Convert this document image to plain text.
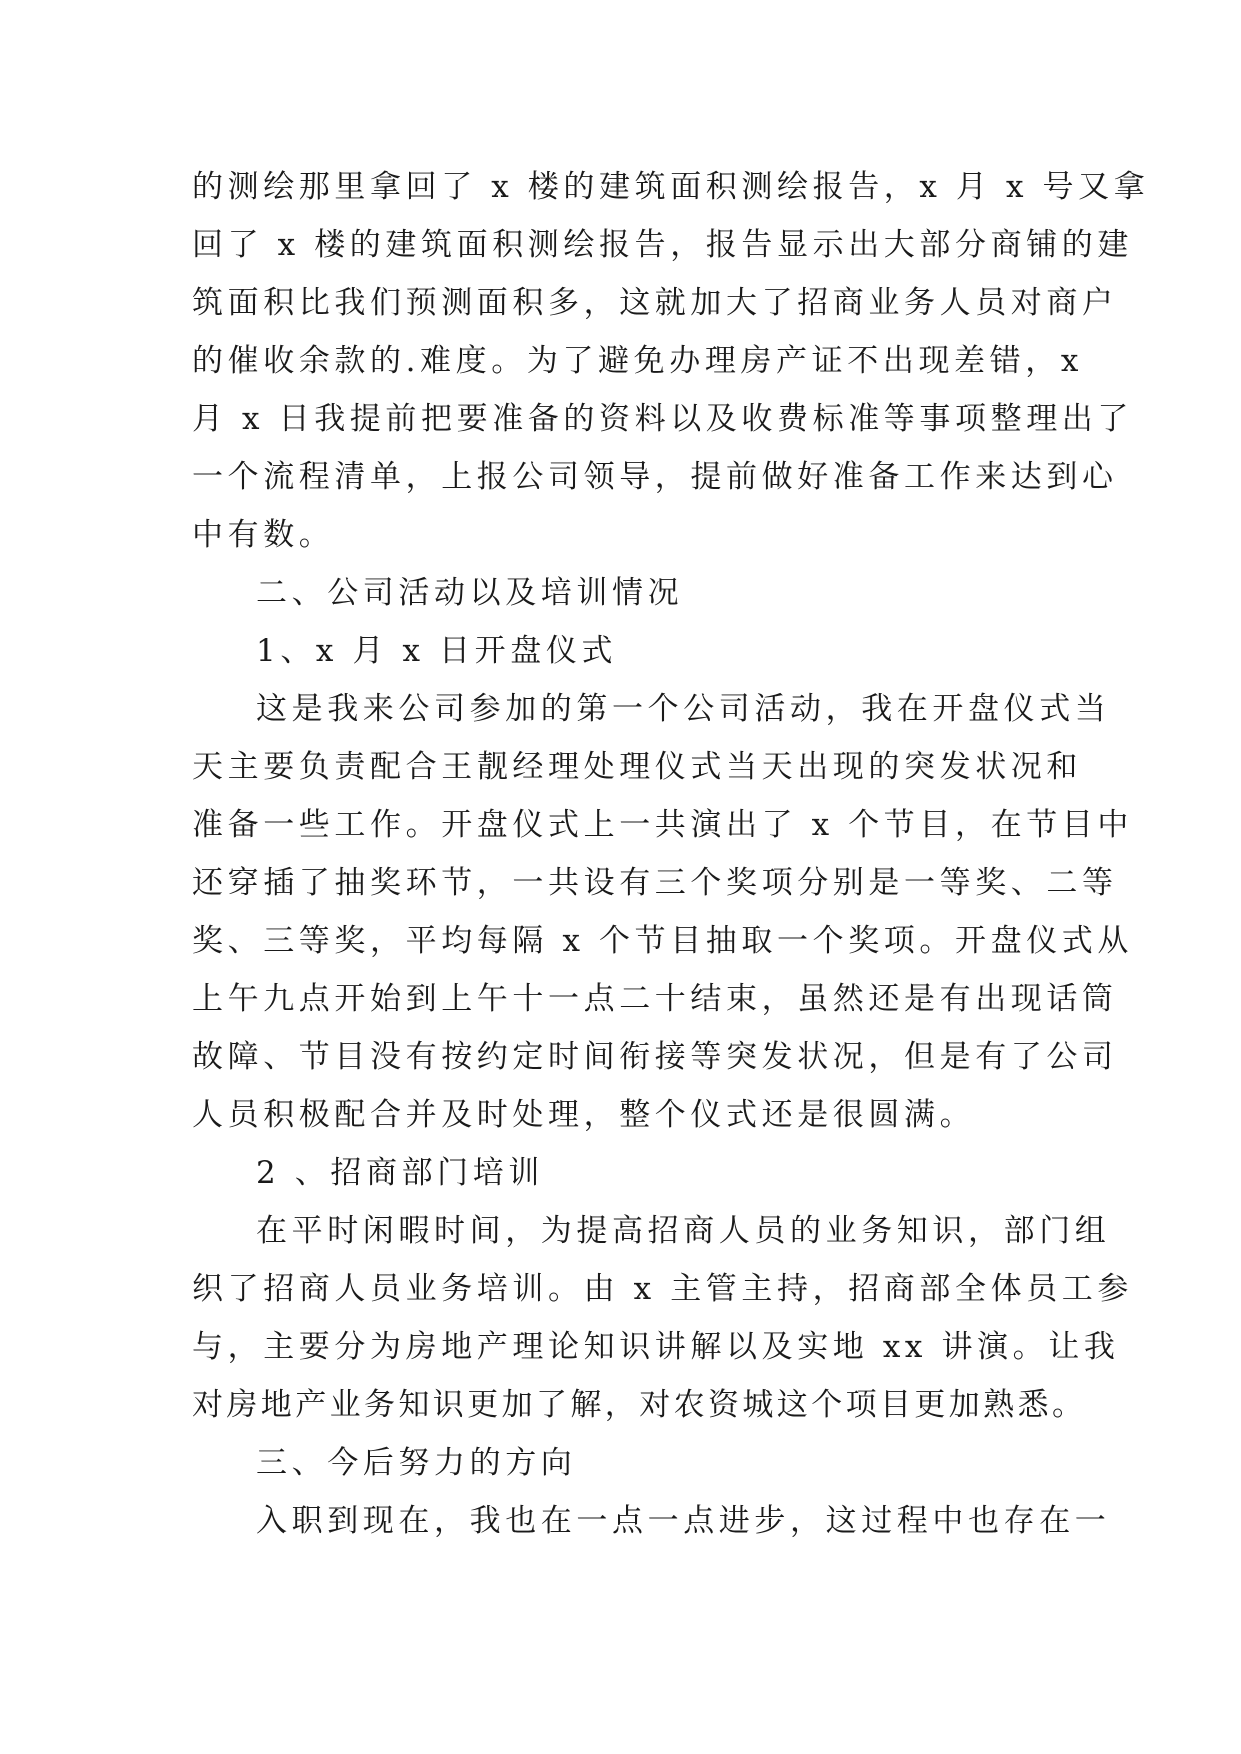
的测绘那里拿回了 x 楼的建筑面积测绘报告，x 月 x 号又拿
回了 x 楼的建筑面积测绘报告，报告显示出大部分商铺的建
筑面积比我们预测面积多，这就加大了招商业务人员对商户
的催收余款的.难度。为了避免办理房产证不出现差错，x
月 x 日我提前把要准备的资料以及收费标准等事项整理出了
一个流程清单，上报公司领导，提前做好准备工作来达到心
中有数。
二、公司活动以及培训情况
1、x 月 x 日开盘仪式
这是我来公司参加的第一个公司活动，我在开盘仪式当
天主要负责配合王靓经理处理仪式当天出现的突发状况和
准备一些工作。开盘仪式上一共演出了 x 个节目，在节目中
还穿插了抽奖环节，一共设有三个奖项分别是一等奖、二等
奖、三等奖，平均每隔 x 个节目抽取一个奖项。开盘仪式从
上午九点开始到上午十一点二十结束，虽然还是有出现话筒
故障、节目没有按约定时间衔接等突发状况，但是有了公司
人员积极配合并及时处理，整个仪式还是很圆满。
2 、招商部门培训
在平时闲暇时间，为提高招商人员的业务知识，部门组
织了招商人员业务培训。由 x 主管主持，招商部全体员工参
与，主要分为房地产理论知识讲解以及实地 xx 讲演。让我
对房地产业务知识更加了解，对农资城这个项目更加熟悉。
三、今后努力的方向
入职到现在，我也在一点一点进步，这过程中也存在一
